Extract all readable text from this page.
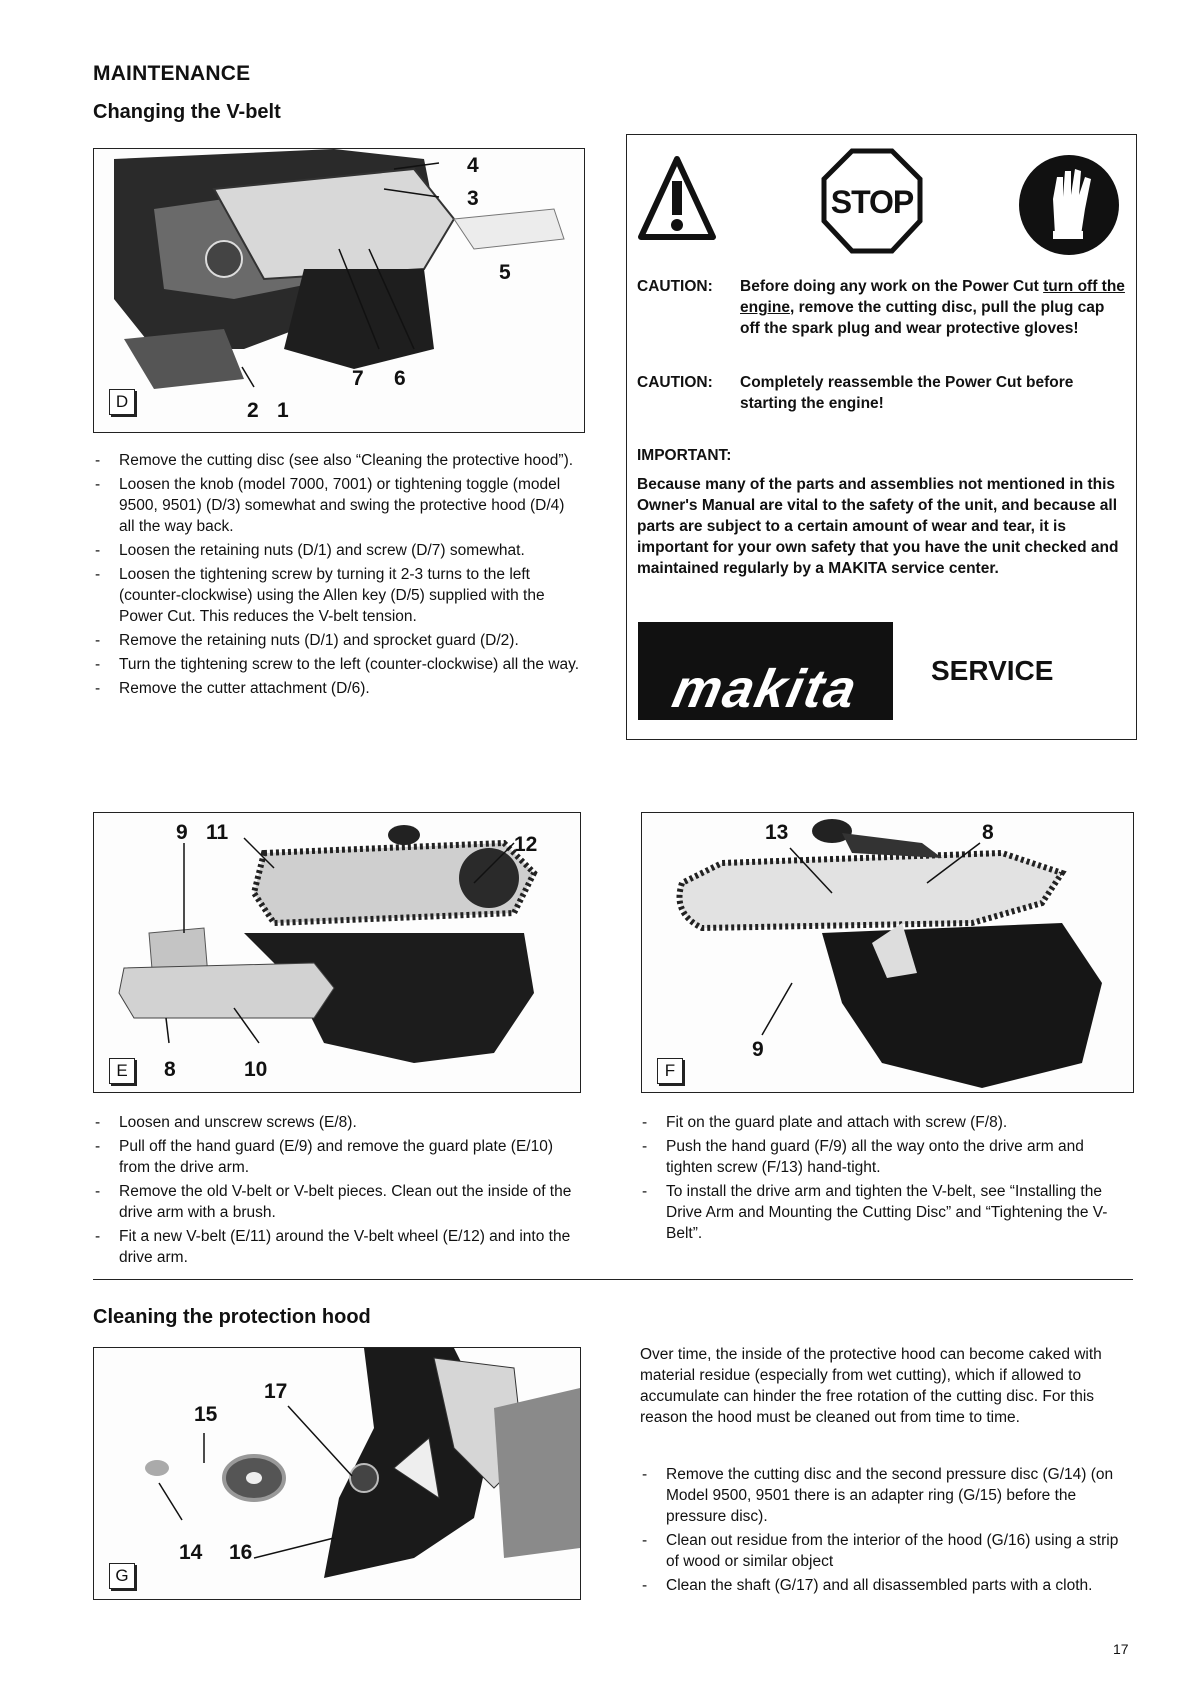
MAINTENANCE
Changing the V-belt
4
3
5
7 6
2 1
D
- Remove the cutting disc (see also “Cleaning the protective hood”).
- Loosen the knob (model 7000, 7001) or tightening toggle (model 9500, 9501) (D/3) somewhat and swing the protective hood (D/4) all the way back.
- Loosen the retaining nuts (D/1) and screw (D/7) somewhat.
- Loosen the tightening screw by turning it 2-3 turns to the left (counter-clockwise) using the Allen key (D/5) supplied with the Power Cut. This reduces the V-belt tension.
- Remove the retaining nuts (D/1) and sprocket guard (D/2).
- Turn the tightening screw to the left (counter-clockwise) all the way.
- Remove the cutter attachment (D/6).
STOP
CAUTION: Before doing any work on the Power Cut turn off the engine, remove the cutting disc, pull the plug cap off the spark plug and wear protective gloves!
CAUTION: Completely reassemble the Power Cut before starting the engine!
IMPORTANT:
Because many of the parts and assemblies not mentioned in this Owner's Manual are vital to the safety of the unit, and because all parts are subject to a certain amount of wear and tear, it is important for your own safety that you have the unit checked and maintained regularly by a MAKITA service center.
makita	SERVICE
9 11
12
8	10
E
13	8
9
F
- Loosen and unscrew screws (E/8).
- Pull off the hand guard (E/9) and remove the guard plate (E/10) from the drive arm.
- Remove the old V-belt or V-belt pieces. Clean out the inside of the drive arm with a brush.
- Fit a new V-belt (E/11) around the V-belt wheel (E/12) and into the drive arm.
- Fit on the guard plate and attach with screw (F/8).
- Push the hand guard (F/9) all the way onto the drive arm and tighten screw (F/13) hand-tight.
- To install the drive arm and tighten the V-belt, see “Installing the Drive Arm and Mounting the Cutting Disc” and “Tightening the V-Belt”.
Cleaning the protection hood
17
15
14 16
G
Over time, the inside of the protective hood can become caked with material residue (especially from wet cutting), which if allowed to accumulate can hinder the free rotation of the cutting disc. For this reason the hood must be cleaned out from time to time.
- Remove the cutting disc and the second pressure disc (G/14) (on Model 9500, 9501 there is an adapter ring (G/15) before the pressure disc).
- Clean out residue from the interior of the hood (G/16) using a strip of wood or similar object
- Clean the shaft (G/17) and all disassembled parts with a cloth.
17
